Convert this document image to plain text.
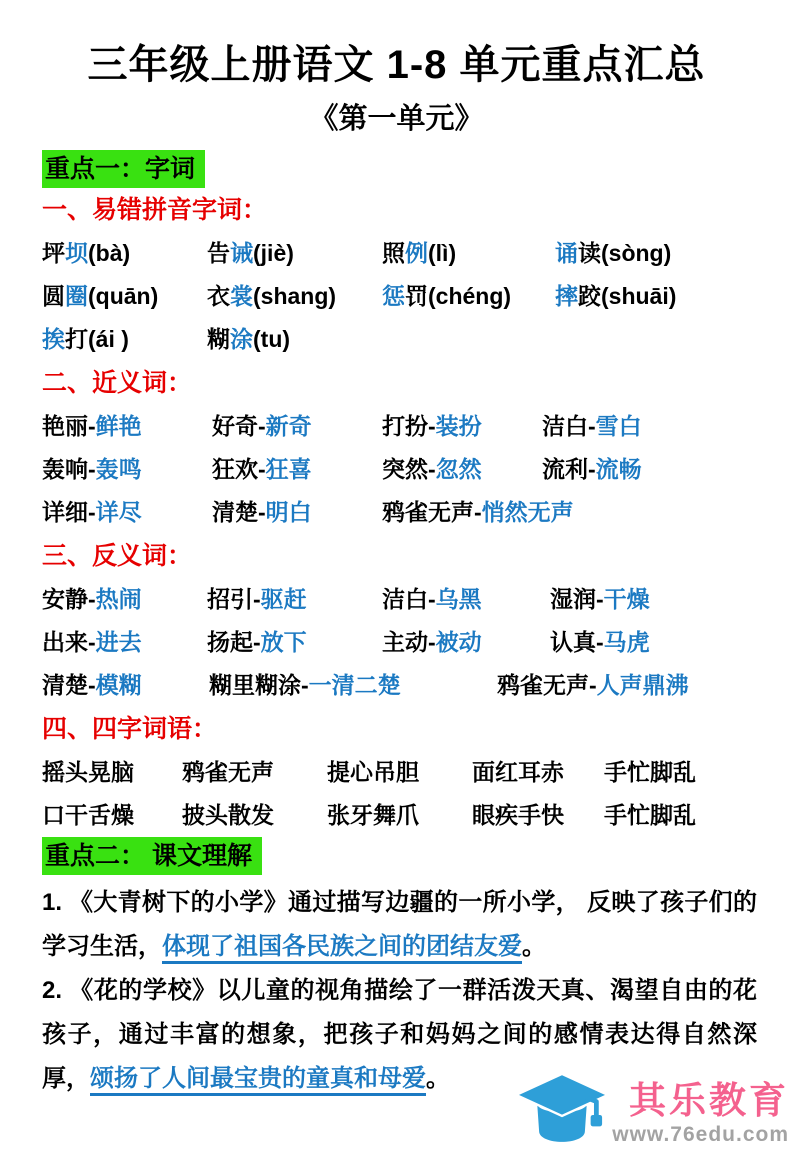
三年级上册语文 1-8 单元重点汇总
《第一单元》
重点一：字词
一、易错拼音字词：
坪坝(bà)	告诫(jiè)	照例(lì)	诵读(sòng)
圆圈(quān)	衣裳(shang)	惩罚(chéng)	摔跤(shuāi)
挨打(ái )	糊涂(tu)
二、近义词：
艳丽-鲜艳	好奇-新奇	打扮-装扮	洁白-雪白
轰响-轰鸣	狂欢-狂喜	突然-忽然	流利-流畅
详细-详尽	清楚-明白	鸦雀无声-悄然无声
三、反义词：
安静-热闹	招引-驱赶	洁白-乌黑	湿润-干燥
出来-进去	扬起-放下	主动-被动	认真-马虎
清楚-模糊	糊里糊涂-一清二楚	鸦雀无声-人声鼎沸
四、四字词语：
摇头晃脑	鸦雀无声	提心吊胆	面红耳赤	手忙脚乱
口干舌燥	披头散发	张牙舞爪	眼疾手快	手忙脚乱
重点二： 课文理解

1. 《大青树下的小学》通过描写边疆的一所小学， 反映了孩子们的学习生活，体现了祖国各民族之间的团结友爱。

2. 《花的学校》以儿童的视角描绘了一群活泼天真、渴望自由的花孩子，通过丰富的想象，把孩子和妈妈之间的感情表达得自然深厚，颂扬了人间最宝贵的童真和母爱。

其乐教育
www.76edu.com
